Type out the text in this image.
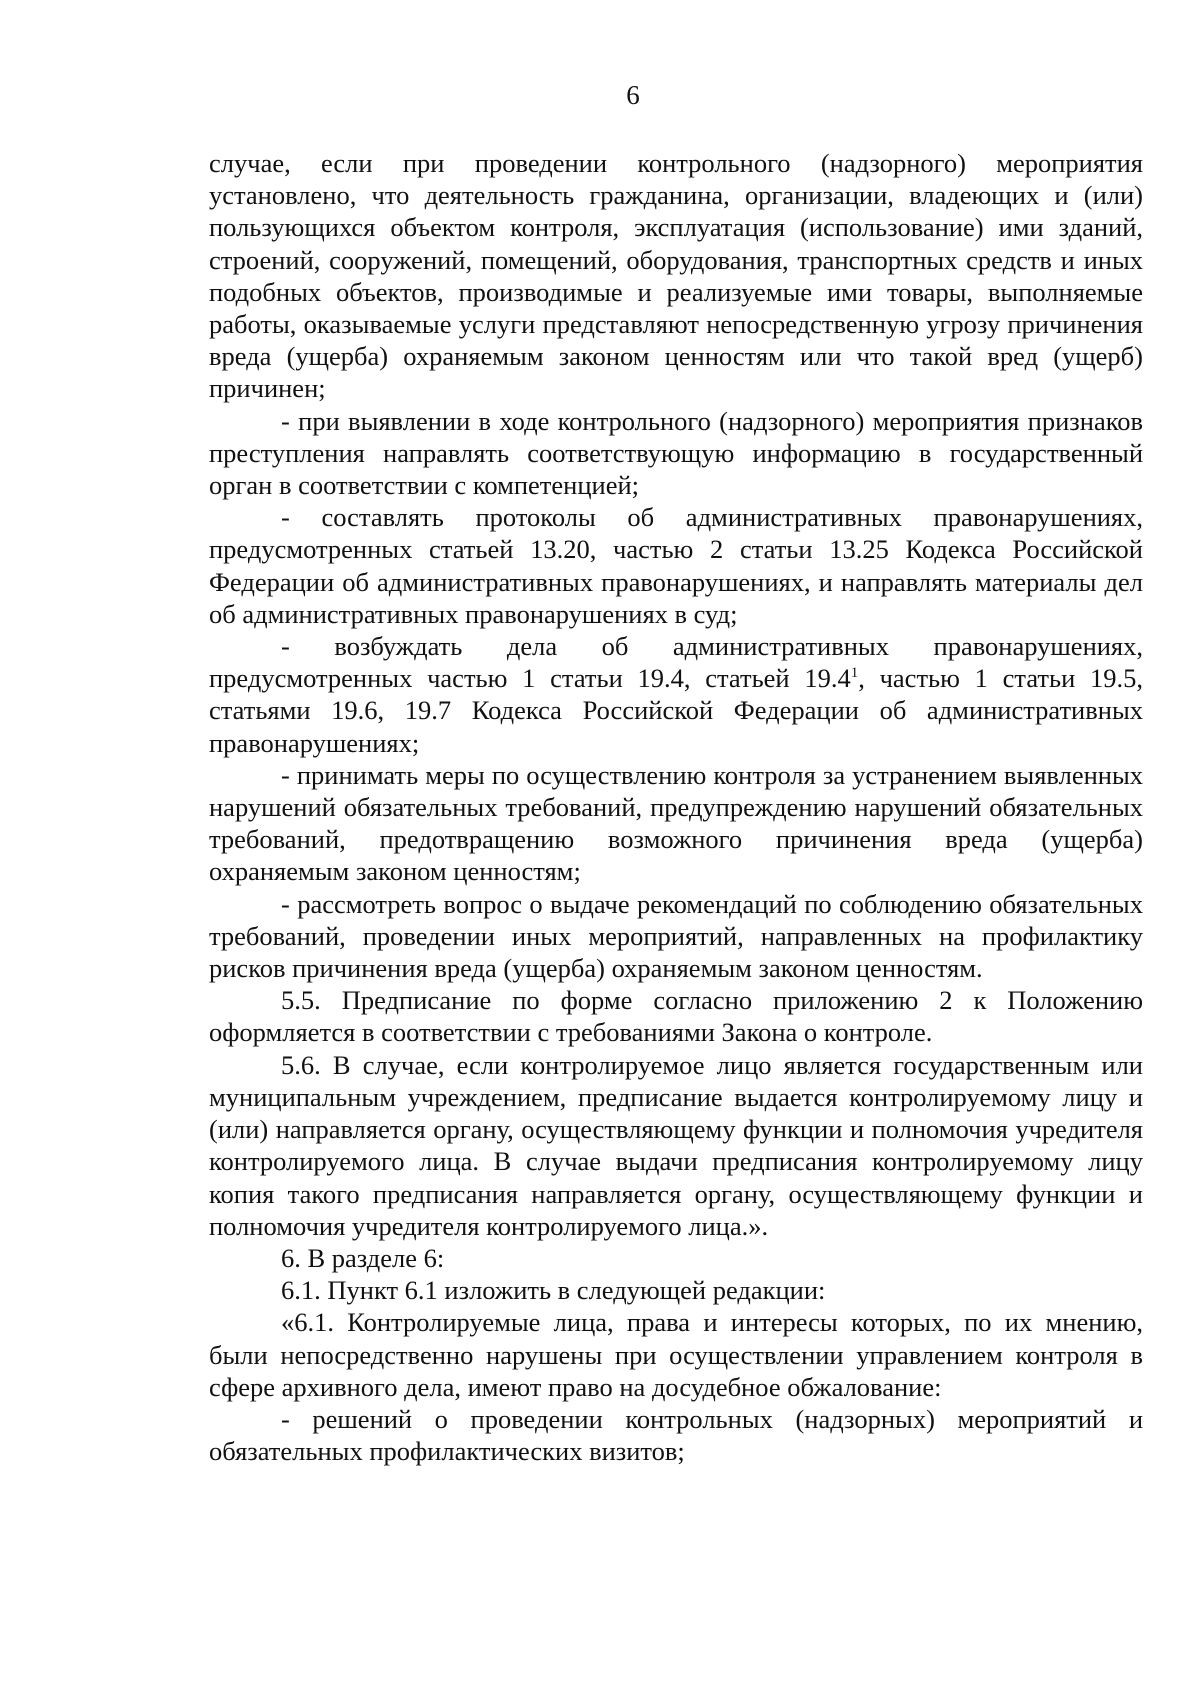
6

случае, если при проведении контрольного (надзорного) мероприятия установлено, что деятельность гражданина, организации, владеющих и (или) пользующихся объектом контроля, эксплуатация (использование) ими зданий, строений, сооружений, помещений, оборудования, транспортных средств и иных подобных объектов, производимые и реализуемые ими товары, выполняемые работы, оказываемые услуги представляют непосредственную угрозу причинения вреда (ущерба) охраняемым законом ценностям или что такой вред (ущерб) причинен;

- при выявлении в ходе контрольного (надзорного) мероприятия признаков преступления направлять соответствующую информацию в государственный орган в соответствии с компетенцией;

- составлять протоколы об административных правонарушениях, предусмотренных статьей 13.20, частью 2 статьи 13.25 Кодекса Российской Федерации об административных правонарушениях, и направлять материалы дел об административных правонарушениях в суд;

- возбуждать дела об административных правонарушениях, предусмотренных частью 1 статьи 19.4, статьей 19.4$^1$, частью 1 статьи 19.5, статьями 19.6, 19.7 Кодекса Российской Федерации об административных правонарушениях;

- принимать меры по осуществлению контроля за устранением выявленных нарушений обязательных требований, предупреждению нарушений обязательных требований, предотвращению возможного причинения вреда (ущерба) охраняемым законом ценностям;

- рассмотреть вопрос о выдаче рекомендаций по соблюдению обязательных требований, проведении иных мероприятий, направленных на профилактику рисков причинения вреда (ущерба) охраняемым законом ценностям.

5.5. Предписание по форме согласно приложению 2 к Положению оформляется в соответствии с требованиями Закона о контроле.

5.6. В случае, если контролируемое лицо является государственным или муниципальным учреждением, предписание выдается контролируемому лицу и (или) направляется органу, осуществляющему функции и полномочия учредителя контролируемого лица. В случае выдачи предписания контролируемому лицу копия такого предписания направляется органу, осуществляющему функции и полномочия учредителя контролируемого лица.».

6. В разделе 6:

6.1. Пункт 6.1 изложить в следующей редакции:

«6.1. Контролируемые лица, права и интересы которых, по их мнению, были непосредственно нарушены при осуществлении управлением контроля в сфере архивного дела, имеют право на досудебное обжалование:

- решений о проведении контрольных (надзорных) мероприятий и обязательных профилактических визитов;
